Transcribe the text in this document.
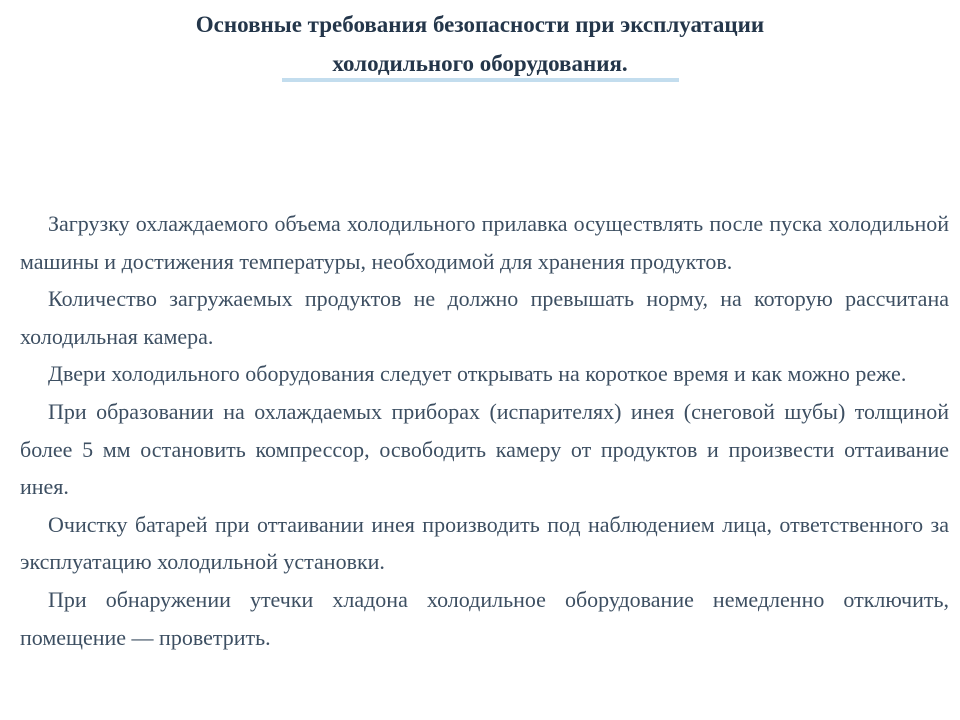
Основные требования безопасности при эксплуатации
холодильного оборудования.

Загрузку охлаждаемого объема холодильного прилавка осуществлять после пуска холодильной машины и достижения температуры, необходимой для хранения продуктов.

Количество загружаемых продуктов не должно превышать норму, на которую рассчитана холодильная камера.

Двери холодильного оборудования следует открывать на короткое время и как можно реже.

При образовании на охлаждаемых приборах (испарителях) инея (снеговой шубы) толщиной более 5 мм остановить компрессор, освободить камеру от продуктов и произвести оттаивание инея.

Очистку батарей при оттаивании инея производить под наблюдением лица, ответственного за эксплуатацию холодильной установки.

При обнаружении утечки хладона холодильное оборудование немедленно отключить, помещение — проветрить.
